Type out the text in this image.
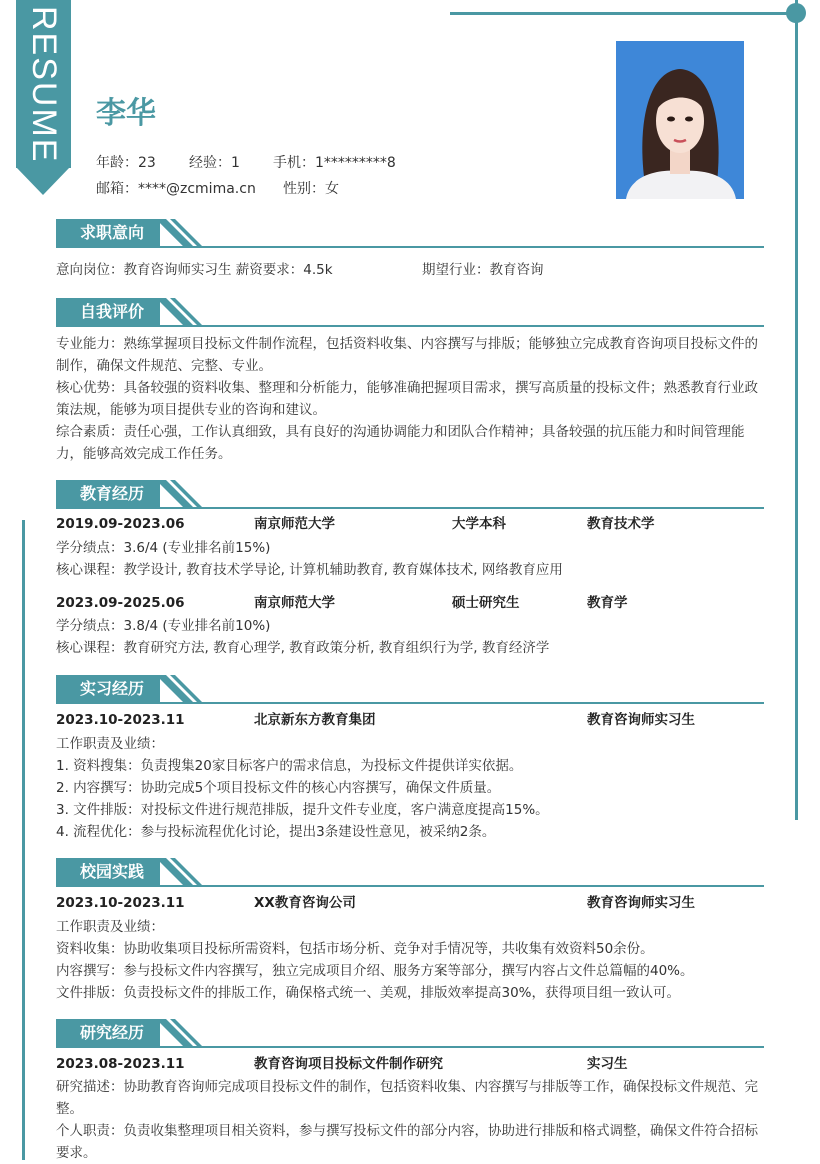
RESUME 李华
年龄：23 经验：1 手机：1*********8
邮箱：****@zcmima.cn 性别：女
求职意向
意向岗位：教育咨询师实习生 薪资要求：4.5k	期望行业：教育咨询
自我评价
专业能力：熟练掌握项目投标文件制作流程，包括资料收集、内容撰写与排版；能够独立完成教育咨询项目投标文件的制作，确保文件规范、完整、专业。
核心优势：具备较强的资料收集、整理和分析能力，能够准确把握项目需求，撰写高质量的投标文件；熟悉教育行业政策法规，能够为项目提供专业的咨询和建议。
综合素质：责任心强，工作认真细致，具有良好的沟通协调能力和团队合作精神；具备较强的抗压能力和时间管理能力，能够高效完成工作任务。
教育经历
2019.09-2023.06	南京师范大学	大学本科	教育技术学
学分绩点：3.6/4 (专业排名前15%)
核心课程：教学设计, 教育技术学导论, 计算机辅助教育, 教育媒体技术, 网络教育应用
2023.09-2025.06	南京师范大学	硕士研究生	教育学
学分绩点：3.8/4 (专业排名前10%)
核心课程：教育研究方法, 教育心理学, 教育政策分析, 教育组织行为学, 教育经济学
实习经历
2023.10-2023.11	北京新东方教育集团	教育咨询师实习生
工作职责及业绩：
1. 资料搜集：负责搜集20家目标客户的需求信息，为投标文件提供详实依据。
2. 内容撰写：协助完成5个项目投标文件的核心内容撰写，确保文件质量。
3. 文件排版：对投标文件进行规范排版，提升文件专业度，客户满意度提高15%。
4. 流程优化：参与投标流程优化讨论，提出3条建设性意见，被采纳2条。
校园实践
2023.10-2023.11	XX教育咨询公司	教育咨询师实习生
工作职责及业绩：
资料收集：协助收集项目投标所需资料，包括市场分析、竞争对手情况等，共收集有效资料50余份。
内容撰写：参与投标文件内容撰写，独立完成项目介绍、服务方案等部分，撰写内容占文件总篇幅的40%。
文件排版：负责投标文件的排版工作，确保格式统一、美观，排版效率提高30%，获得项目组一致认可。
研究经历
2023.08-2023.11	教育咨询项目投标文件制作研究	实习生
研究描述：协助教育咨询师完成项目投标文件的制作，包括资料收集、内容撰写与排版等工作，确保投标文件规范、完整。
个人职责：负责收集整理项目相关资料，参与撰写投标文件的部分内容，协助进行排版和格式调整，确保文件符合招标要求。
